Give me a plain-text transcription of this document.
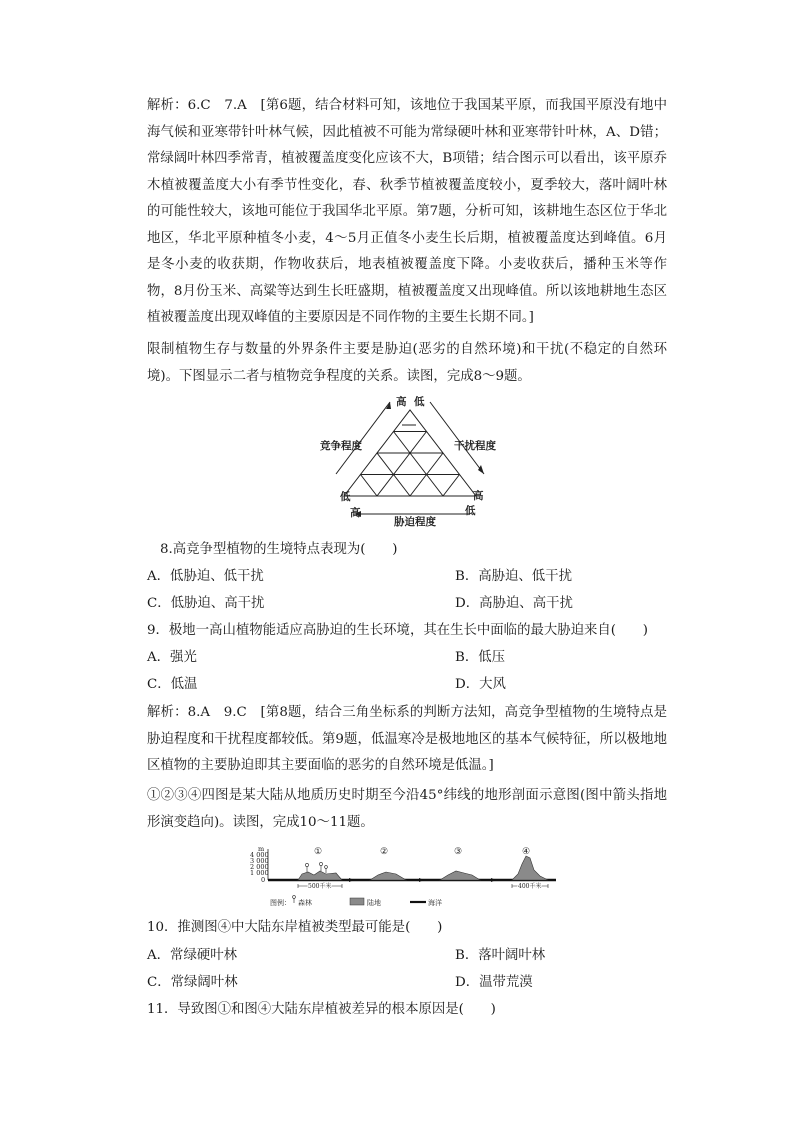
解析：6.C　7.A　[第6题，结合材料可知，该地位于我国某平原，而我国平原没有地中海气候和亚寒带针叶林气候，因此植被不可能为常绿硬叶林和亚寒带针叶林，A、D错；常绿阔叶林四季常青，植被覆盖度变化应该不大，B项错；结合图示可以看出，该平原乔木植被覆盖度大小有季节性变化，春、秋季节植被覆盖度较小，夏季较大，落叶阔叶林的可能性较大，该地可能位于我国华北平原。第7题，分析可知，该耕地生态区位于华北地区，华北平原种植冬小麦，4～5月正值冬小麦生长后期，植被覆盖度达到峰值。6月是冬小麦的收获期，作物收获后，地表植被覆盖度下降。小麦收获后，播种玉米等作物，8月份玉米、高粱等达到生长旺盛期，植被覆盖度又出现峰值。所以该地耕地生态区植被覆盖度出现双峰值的主要原因是不同作物的主要生长期不同。]
限制植物生存与数量的外界条件主要是胁迫(恶劣的自然环境)和干扰(不稳定的自然环境)。下图显示二者与植物竞争程度的关系。读图，完成8～9题。
高 低
竞争程度	干扰程度
低	高
高	低
胁迫程度
8.高竞争型植物的生境特点表现为(　　)
A．低胁迫、低干扰	B．高胁迫、低干扰
C．低胁迫、高干扰	D．高胁迫、高干扰
9．极地一高山植物能适应高胁迫的生长环境，其在生长中面临的最大胁迫来自(　　)
A．强光	B．低压
C．低温	D．大风
解析：8.A　9.C　[第8题，结合三角坐标系的判断方法知，高竞争型植物的生境特点是胁迫程度和干扰程度都较低。第9题，低温寒冷是极地地区的基本气候特征，所以极地地区植物的主要胁迫即其主要面临的恶劣的自然环境是低温。]
①②③④四图是某大陆从地质历史时期至今沿45°纬线的地形剖面示意图(图中箭头指地形演变趋向)。读图，完成10～11题。
m
4 000
3 000
2 000
1 000
0
①	②	③	④
500千米	400千米
图例： 森林	陆地	海洋
10．推测图④中大陆东岸植被类型最可能是(　　)
A．常绿硬叶林	B．落叶阔叶林
C．常绿阔叶林	D．温带荒漠
11．导致图①和图④大陆东岸植被差异的根本原因是(　　)
